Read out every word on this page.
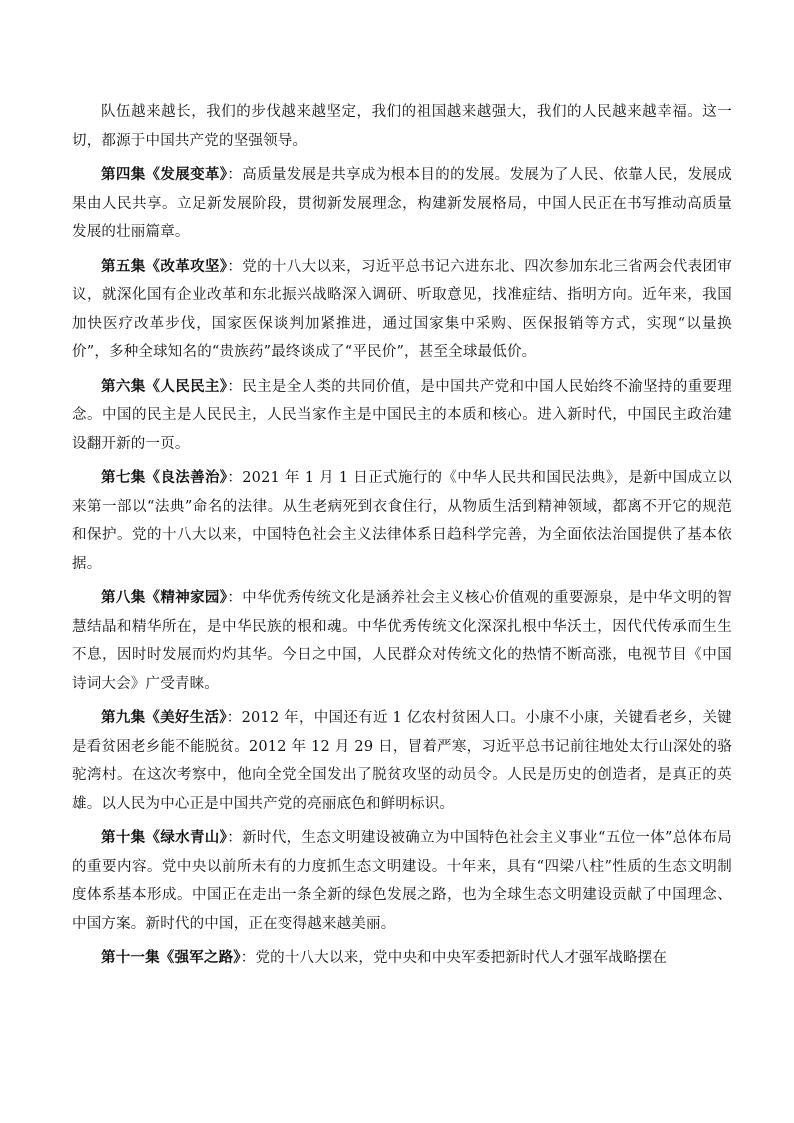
队伍越来越长，我们的步伐越来越坚定，我们的祖国越来越强大，我们的人民越来越幸福。这一切，都源于中国共产党的坚强领导。

第四集《发展变革》：高质量发展是共享成为根本目的的发展。发展为了人民、依靠人民，发展成果由人民共享。立足新发展阶段，贯彻新发展理念，构建新发展格局，中国人民正在书写推动高质量发展的壮丽篇章。

第五集《改革攻坚》：党的十八大以来，习近平总书记六进东北、四次参加东北三省两会代表团审议，就深化国有企业改革和东北振兴战略深入调研、听取意见，找准症结、指明方向。近年来，我国加快医疗改革步伐，国家医保谈判加紧推进，通过国家集中采购、医保报销等方式，实现“以量换价”，多种全球知名的“贵族药”最终谈成了“平民价”，甚至全球最低价。

第六集《人民民主》：民主是全人类的共同价值，是中国共产党和中国人民始终不渝坚持的重要理念。中国的民主是人民民主，人民当家作主是中国民主的本质和核心。进入新时代，中国民主政治建设翻开新的一页。

第七集《良法善治》：2021 年 1 月 1 日正式施行的《中华人民共和国民法典》，是新中国成立以来第一部以“法典”命名的法律。从生老病死到衣食住行，从物质生活到精神领域，都离不开它的规范和保护。党的十八大以来，中国特色社会主义法律体系日趋科学完善，为全面依法治国提供了基本依据。

第八集《精神家园》：中华优秀传统文化是涵养社会主义核心价值观的重要源泉，是中华文明的智慧结晶和精华所在，是中华民族的根和魂。中华优秀传统文化深深扎根中华沃土，因代代传承而生生不息，因时时发展而灼灼其华。今日之中国，人民群众对传统文化的热情不断高涨，电视节目《中国诗词大会》广受青睐。

第九集《美好生活》：2012 年，中国还有近 1 亿农村贫困人口。小康不小康，关键看老乡，关键是看贫困老乡能不能脱贫。2012 年 12 月 29 日，冒着严寒，习近平总书记前往地处太行山深处的骆驼湾村。在这次考察中，他向全党全国发出了脱贫攻坚的动员令。人民是历史的创造者，是真正的英雄。以人民为中心正是中国共产党的亮丽底色和鲜明标识。

第十集《绿水青山》：新时代，生态文明建设被确立为中国特色社会主义事业“五位一体”总体布局的重要内容。党中央以前所未有的力度抓生态文明建设。十年来，具有“四梁八柱”性质的生态文明制度体系基本形成。中国正在走出一条全新的绿色发展之路，也为全球生态文明建设贡献了中国理念、中国方案。新时代的中国，正在变得越来越美丽。

第十一集《强军之路》：党的十八大以来，党中央和中央军委把新时代人才强军战略摆在
